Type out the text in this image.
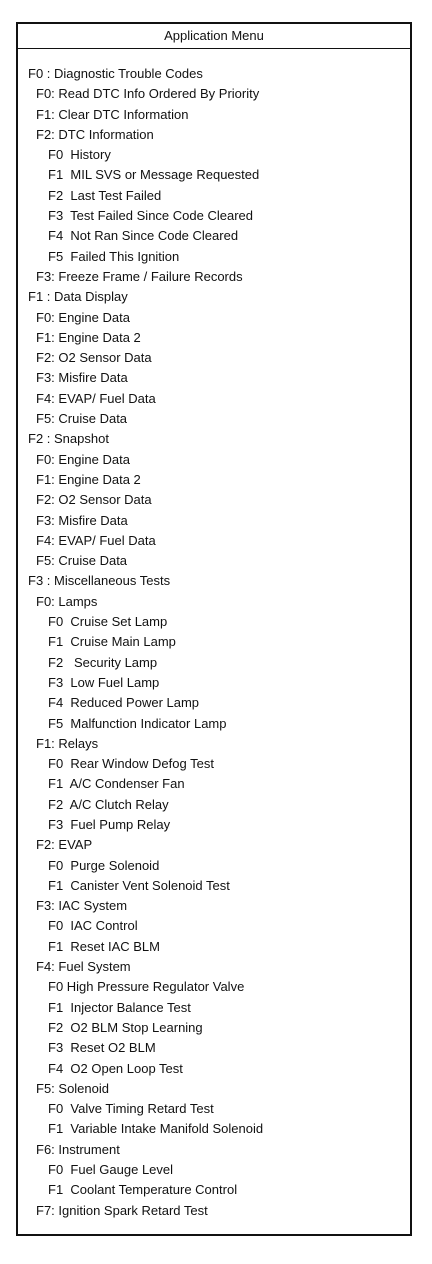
Application Menu
F0 : Diagnostic Trouble Codes
F0: Read DTC Info Ordered By Priority
F1: Clear DTC Information
F2: DTC Information
F0  History
F1  MIL SVS or Message Requested
F2  Last Test Failed
F3  Test Failed Since Code Cleared
F4  Not Ran Since Code Cleared
F5  Failed This Ignition
F3: Freeze Frame / Failure Records
F1 : Data Display
F0: Engine Data
F1: Engine Data 2
F2: O2 Sensor Data
F3: Misfire Data
F4: EVAP/ Fuel Data
F5: Cruise Data
F2 : Snapshot
F0: Engine Data
F1: Engine Data 2
F2: O2 Sensor Data
F3: Misfire Data
F4: EVAP/ Fuel Data
F5: Cruise Data
F3 : Miscellaneous Tests
F0: Lamps
F0  Cruise Set Lamp
F1  Cruise Main Lamp
F2   Security Lamp
F3  Low Fuel Lamp
F4  Reduced Power Lamp
F5  Malfunction Indicator Lamp
F1: Relays
F0  Rear Window Defog Test
F1  A/C Condenser Fan
F2  A/C Clutch Relay
F3  Fuel Pump Relay
F2: EVAP
F0  Purge Solenoid
F1  Canister Vent Solenoid Test
F3: IAC System
F0  IAC Control
F1  Reset IAC BLM
F4: Fuel System
F0 High Pressure Regulator Valve
F1  Injector Balance Test
F2  O2 BLM Stop Learning
F3  Reset O2 BLM
F4  O2 Open Loop Test
F5: Solenoid
F0  Valve Timing Retard Test
F1  Variable Intake Manifold Solenoid
F6: Instrument
F0  Fuel Gauge Level
F1  Coolant Temperature Control
F7: Ignition Spark Retard Test
